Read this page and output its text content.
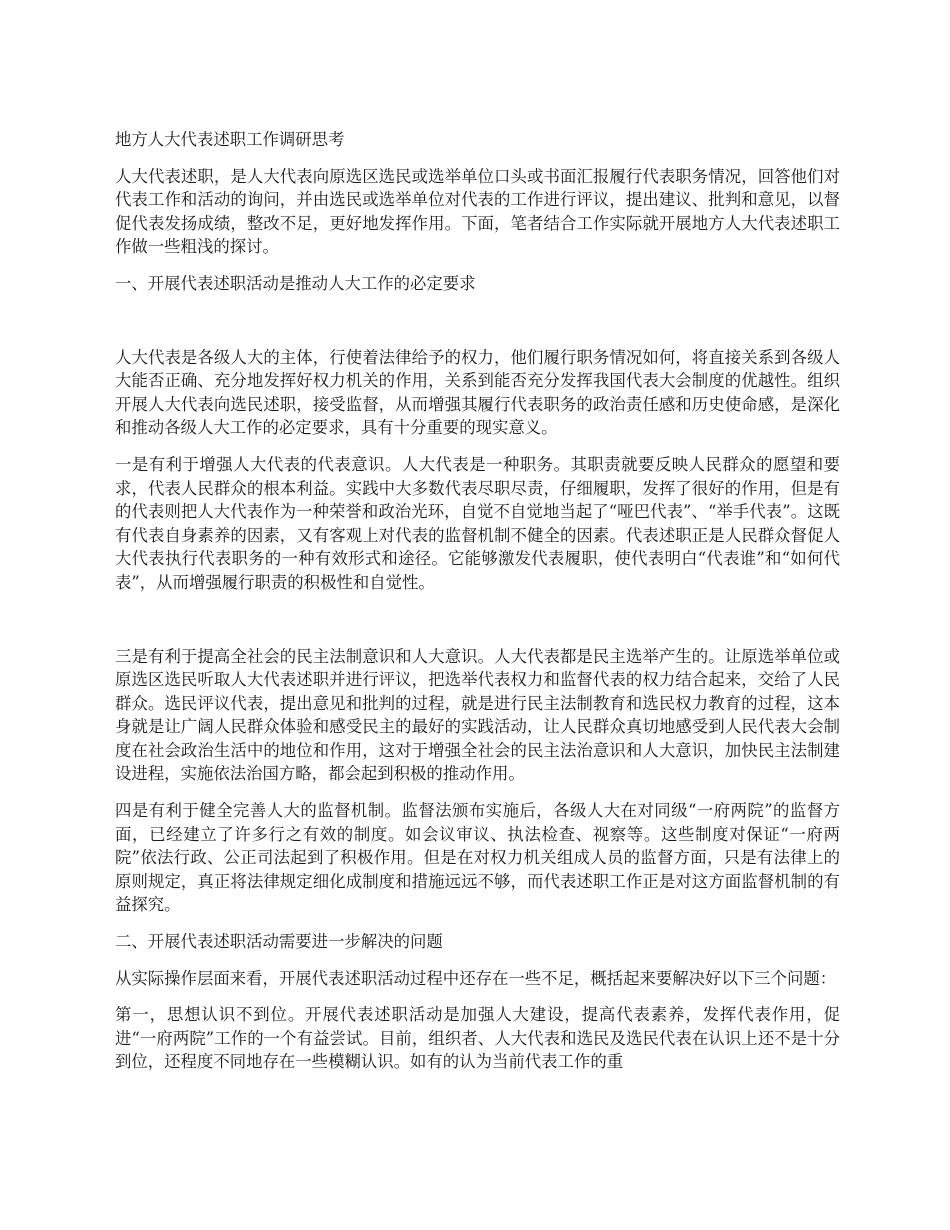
地方人大代表述职工作调研思考

人大代表述职，是人大代表向原选区选民或选举单位口头或书面汇报履行代表职务情况，回答他们对代表工作和活动的询问，并由选民或选举单位对代表的工作进行评议，提出建议、批判和意见，以督促代表发扬成绩，整改不足，更好地发挥作用。下面，笔者结合工作实际就开展地方人大代表述职工作做一些粗浅的探讨。

一、开展代表述职活动是推动人大工作的必定要求

人大代表是各级人大的主体，行使着法律给予的权力，他们履行职务情况如何，将直接关系到各级人大能否正确、充分地发挥好权力机关的作用，关系到能否充分发挥我国代表大会制度的优越性。组织开展人大代表向选民述职，接受监督，从而增强其履行代表职务的政治责任感和历史使命感，是深化和推动各级人大工作的必定要求，具有十分重要的现实意义。

一是有利于增强人大代表的代表意识。人大代表是一种职务。其职责就要反映人民群众的愿望和要求，代表人民群众的根本利益。实践中大多数代表尽职尽责，仔细履职，发挥了很好的作用，但是有的代表则把人大代表作为一种荣誉和政治光环，自觉不自觉地当起了“哑巴代表”、“举手代表”。这既有代表自身素养的因素，又有客观上对代表的监督机制不健全的因素。代表述职正是人民群众督促人大代表执行代表职务的一种有效形式和途径。它能够激发代表履职，使代表明白“代表谁”和“如何代表”，从而增强履行职责的积极性和自觉性。

三是有利于提高全社会的民主法制意识和人大意识。人大代表都是民主选举产生的。让原选举单位或原选区选民听取人大代表述职并进行评议，把选举代表权力和监督代表的权力结合起来，交给了人民群众。选民评议代表，提出意见和批判的过程，就是进行民主法制教育和选民权力教育的过程，这本身就是让广阔人民群众体验和感受民主的最好的实践活动，让人民群众真切地感受到人民代表大会制度在社会政治生活中的地位和作用，这对于增强全社会的民主法治意识和人大意识，加快民主法制建设进程，实施依法治国方略，都会起到积极的推动作用。

四是有利于健全完善人大的监督机制。监督法颁布实施后，各级人大在对同级“一府两院”的监督方面，已经建立了许多行之有效的制度。如会议审议、执法检查、视察等。这些制度对保证“一府两院”依法行政、公正司法起到了积极作用。但是在对权力机关组成人员的监督方面，只是有法律上的原则规定，真正将法律规定细化成制度和措施远远不够，而代表述职工作正是对这方面监督机制的有益探究。

二、开展代表述职活动需要进一步解决的问题

从实际操作层面来看，开展代表述职活动过程中还存在一些不足，概括起来要解决好以下三个问题：

第一，思想认识不到位。开展代表述职活动是加强人大建设，提高代表素养，发挥代表作用，促进“一府两院”工作的一个有益尝试。目前，组织者、人大代表和选民及选民代表在认识上还不是十分到位，还程度不同地存在一些模糊认识。如有的认为当前代表工作的重
